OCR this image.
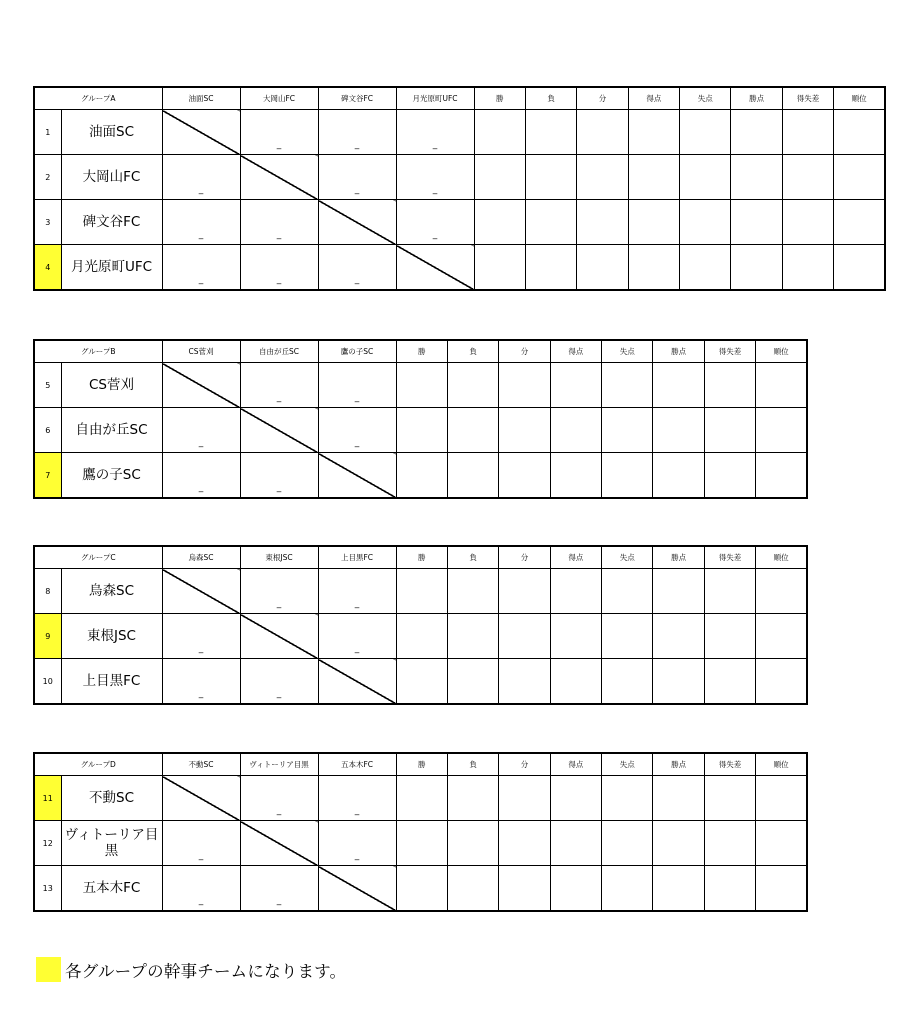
グループA		油面SC	大岡山FC	碑文谷FC	月光原町UFC	勝	負	分	得点	失点	勝点	得失差	順位
1	油面SC		_	_	_								

2	大岡山FC	_		_	_								

3	碑文谷FC	_	_		_								

4	月光原町UFC	_	_	_									

グループB		CS菅刈	自由が丘SC	鷹の子SC	勝	負	分	得点	失点	勝点	得失差	順位
5	CS菅刈		_	_								

6	自由が丘SC	_		_								

7	鷹の子SC	_	_									

グループC		烏森SC	東根JSC	上目黒FC	勝	負	分	得点	失点	勝点	得失差	順位
8	烏森SC		_	_								

9	東根JSC	_		_								

10	上目黒FC	_	_									

グループD		不動SC	ヴィトーリア目黒	五本木FC	勝	負	分	得点	失点	勝点	得失差	順位
11	不動SC		_	_								

12	ヴィトーリア目黒	_		_								

13	五本木FC	_	_									

各グループの幹事チームになります。
